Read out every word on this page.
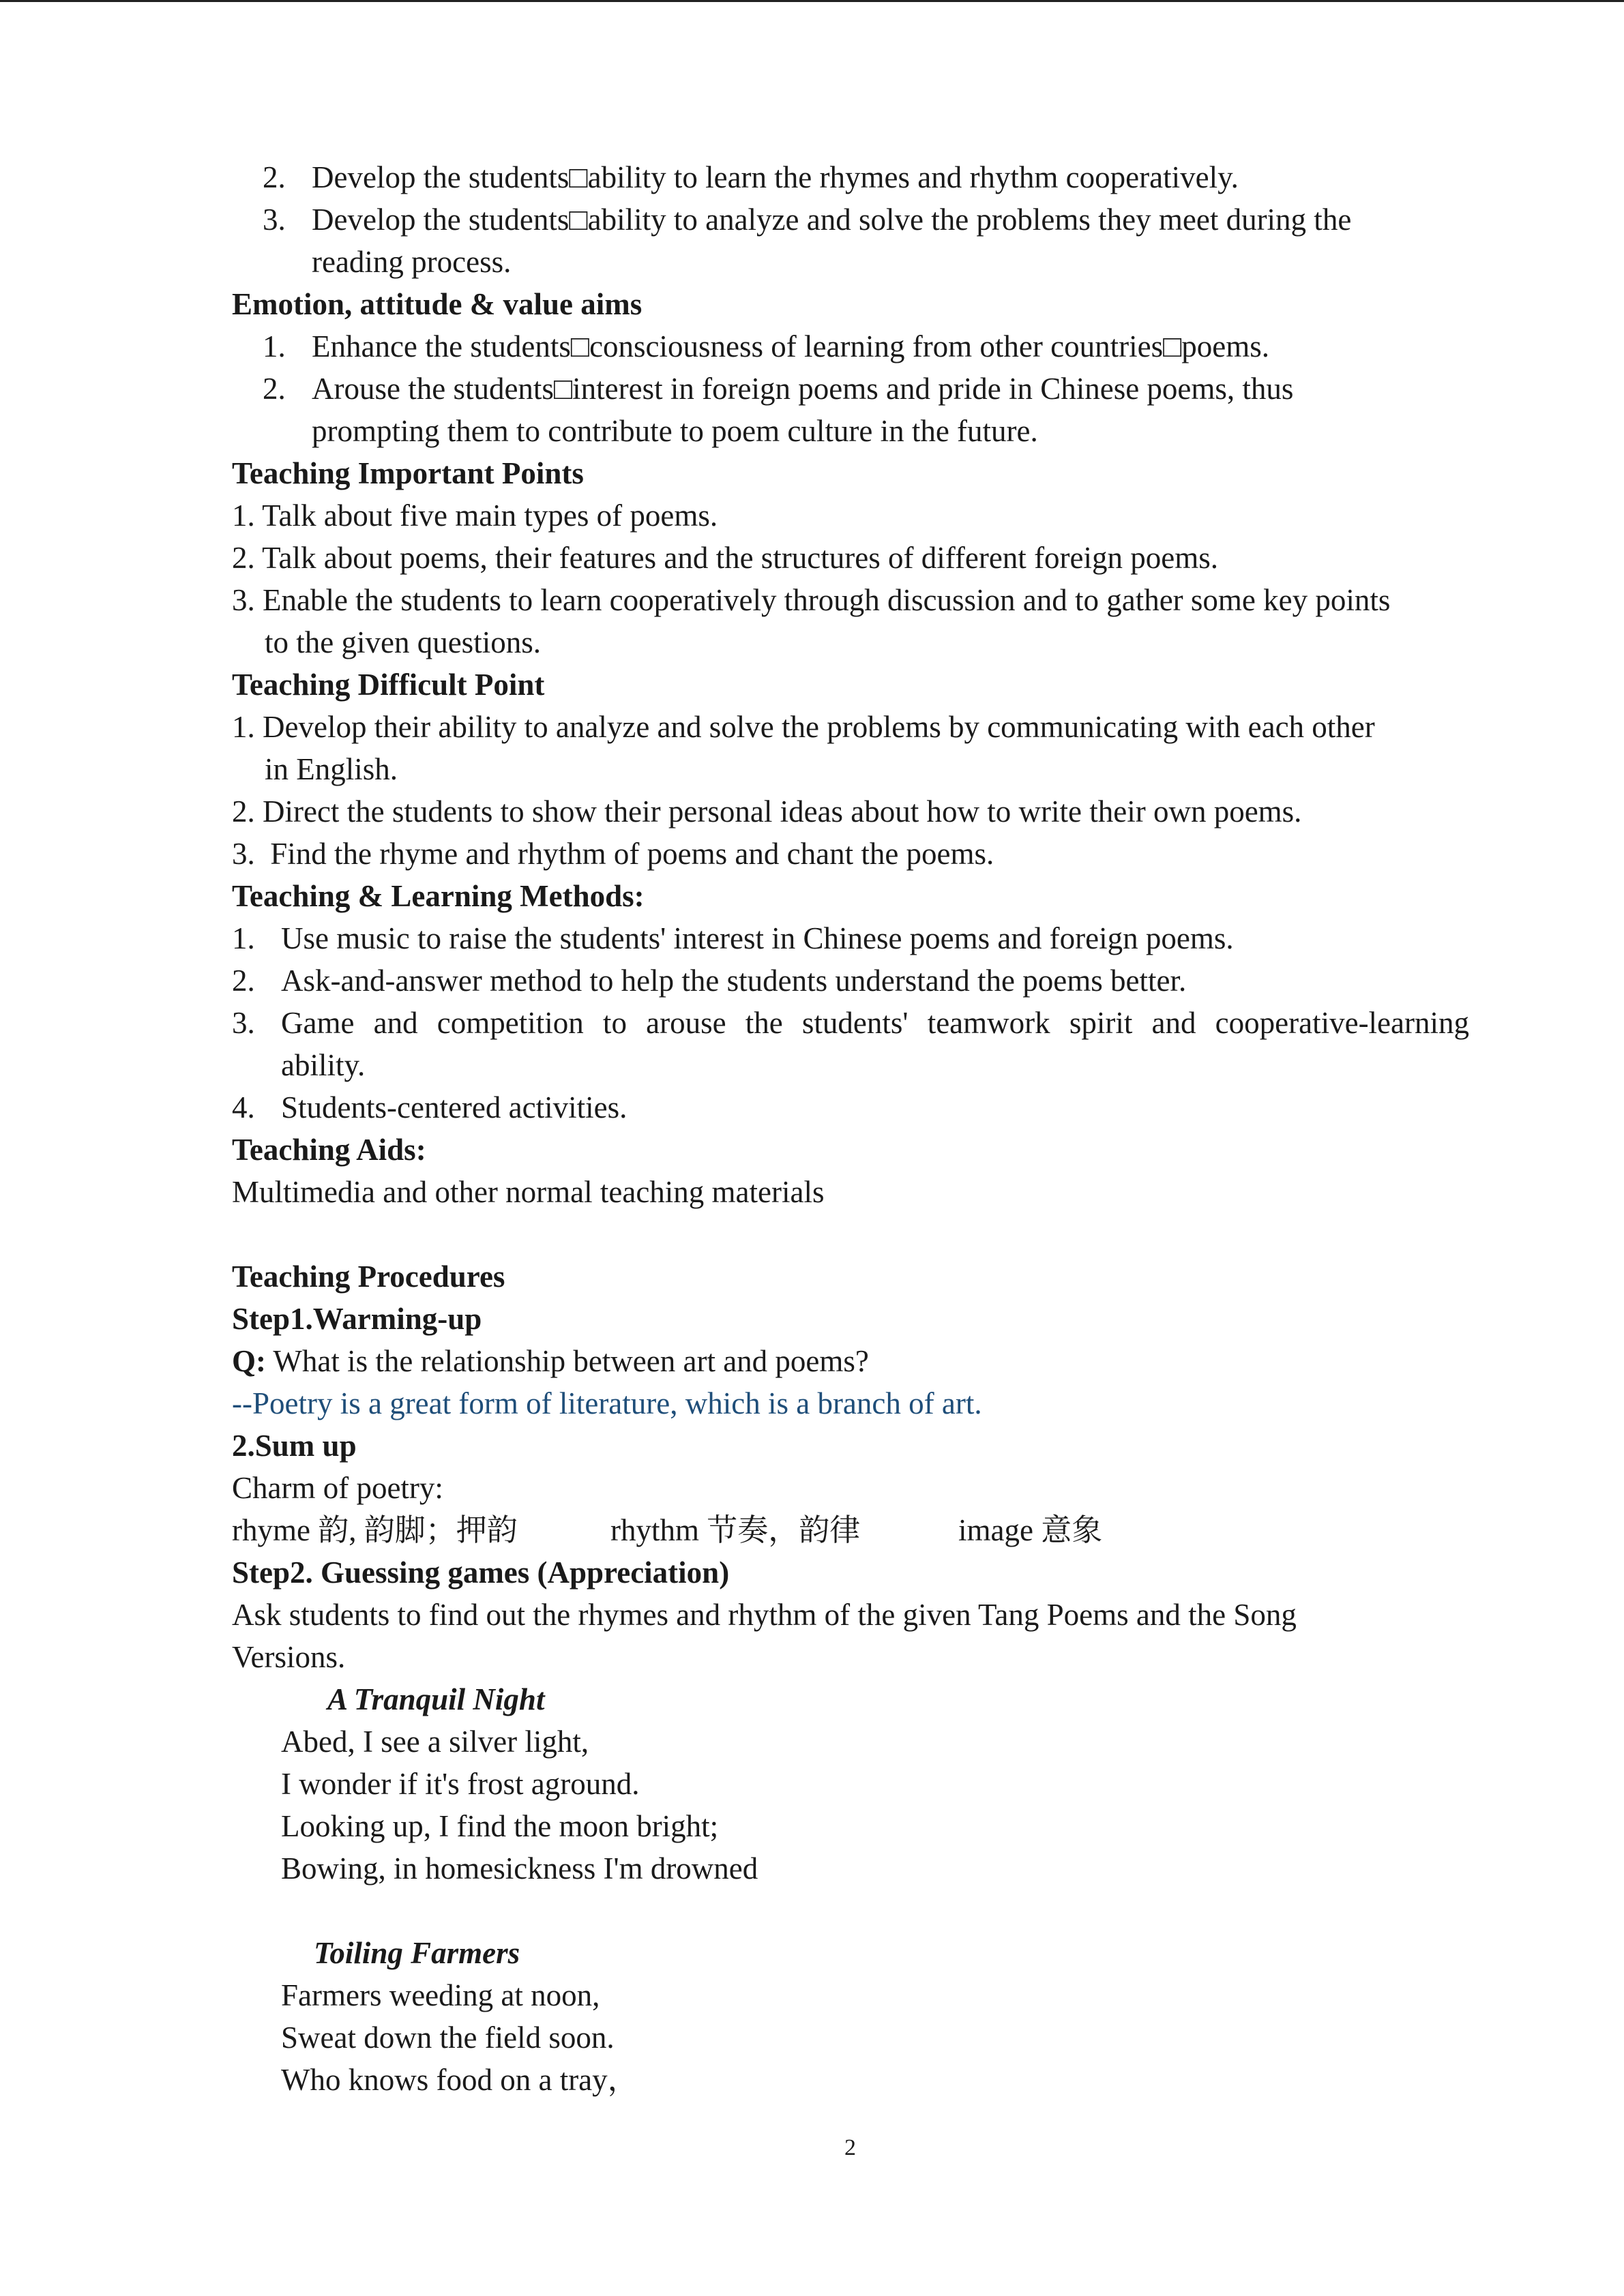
2. Develop the students□ability to learn the rhymes and rhythm cooperatively.
3. Develop the students□ability to analyze and solve the problems they meet during the
reading process.
Emotion, attitude & value aims
1. Enhance the students□consciousness of learning from other countries□poems.
2. Arouse the students□interest in foreign poems and pride in Chinese poems, thus
prompting them to contribute to poem culture in the future.
Teaching Important Points
1. Talk about five main types of poems.
2. Talk about poems, their features and the structures of different foreign poems.
3. Enable the students to learn cooperatively through discussion and to gather some key points
to the given questions.
Teaching Difficult Point
1. Develop their ability to analyze and solve the problems by communicating with each other
in English.
2. Direct the students to show their personal ideas about how to write their own poems.
3.  Find the rhyme and rhythm of poems and chant the poems.
Teaching & Learning Methods:
1. Use music to raise the students' interest in Chinese poems and foreign poems.
2. Ask-and-answer method to help the students understand the poems better.
3. Game and competition to arouse the students' teamwork spirit and cooperative-learning
ability.
4. Students-centered activities.
Teaching Aids:
Multimedia and other normal teaching materials
Teaching Procedures
Step1.Warming-up
Q: What is the relationship between art and poems?
--Poetry is a great form of literature, which is a branch of art.
2.Sum up
Charm of poetry:
rhyme 韵, 韵脚；押韵	rhythm 节奏，韵律	image 意象
Step2. Guessing games (Appreciation)
Ask students to find out the rhymes and rhythm of the given Tang Poems and the Song
Versions.
A Tranquil Night
Abed, I see a silver light,
I wonder if it's frost aground.
Looking up, I find the moon bright;
Bowing, in homesickness I'm drowned
Toiling Farmers
Farmers weeding at noon,
Sweat down the field soon.
Who knows food on a tray，
2
